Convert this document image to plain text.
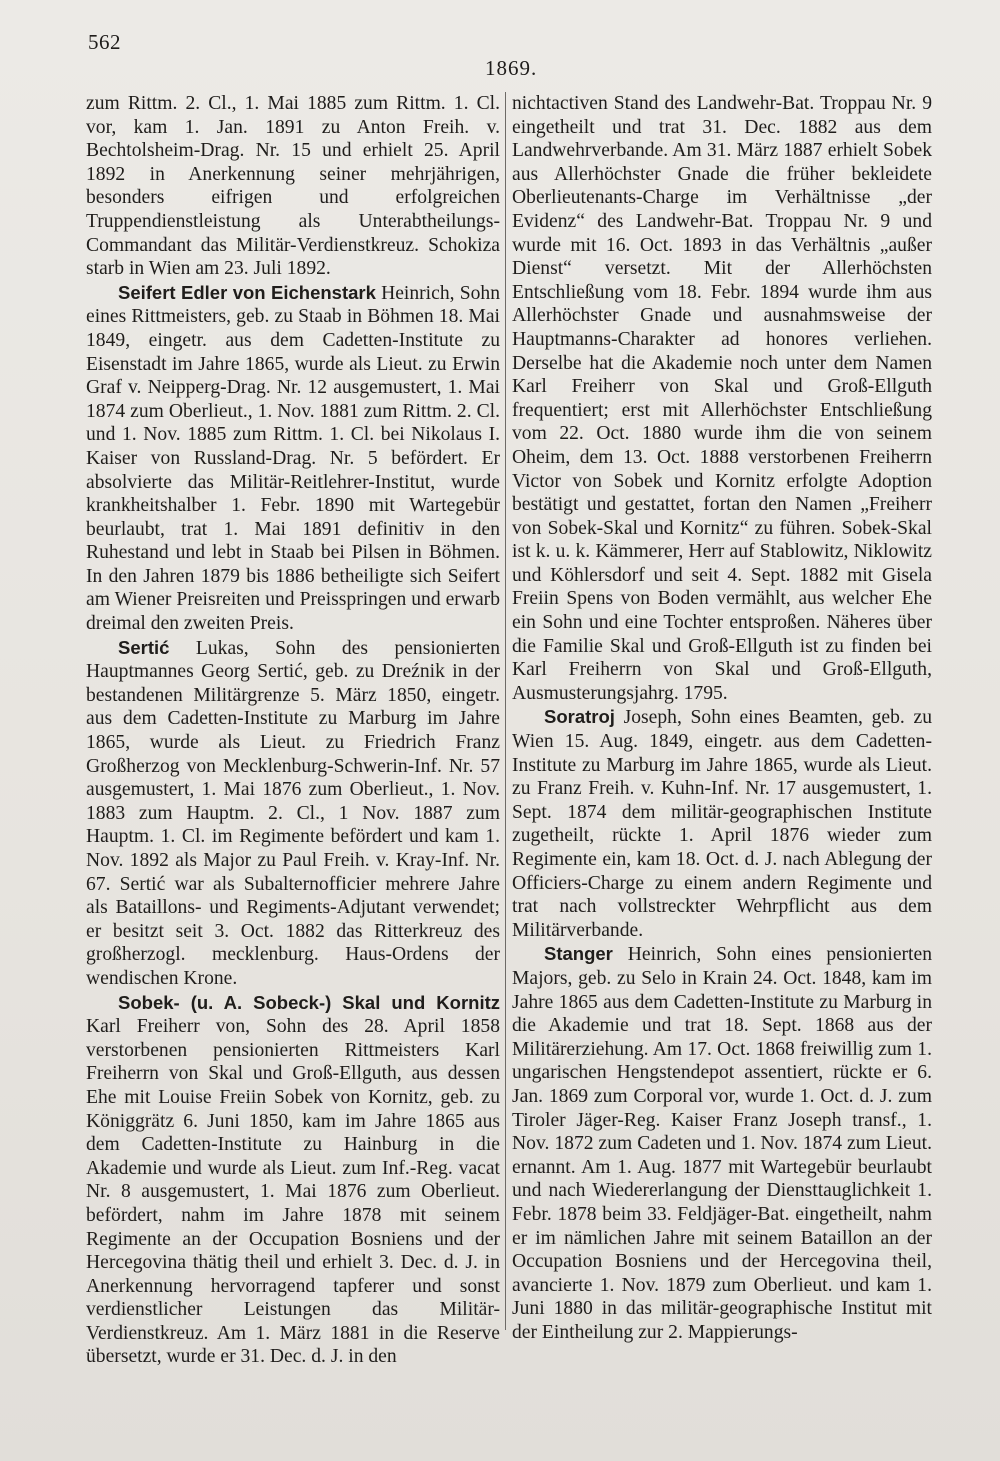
562
1869.

zum Rittm. 2. Cl., 1. Mai 1885 zum Rittm. 1. Cl. vor, kam 1. Jan. 1891 zu Anton Freih. v. Bechtolsheim-Drag. Nr. 15 und erhielt 25. April 1892 in Anerkennung seiner mehrjährigen, besonders eifrigen und erfolgreichen Truppendienstleistung als Unterabtheilungs-Commandant das Militär-Verdienstkreuz. Schokiza starb in Wien am 23. Juli 1892.

Seifert Edler von Eichenstark Heinrich, Sohn eines Rittmeisters, geb. zu Staab in Böhmen 18. Mai 1849, eingetr. aus dem Cadetten-Institute zu Eisenstadt im Jahre 1865, wurde als Lieut. zu Erwin Graf v. Neipperg-Drag. Nr. 12 ausgemustert, 1. Mai 1874 zum Oberlieut., 1. Nov. 1881 zum Rittm. 2. Cl. und 1. Nov. 1885 zum Rittm. 1. Cl. bei Nikolaus I. Kaiser von Russland-Drag. Nr. 5 befördert. Er absolvierte das Militär-Reitlehrer-Institut, wurde krankheitshalber 1. Febr. 1890 mit Wartegebür beurlaubt, trat 1. Mai 1891 definitiv in den Ruhestand und lebt in Staab bei Pilsen in Böhmen. In den Jahren 1879 bis 1886 betheiligte sich Seifert am Wiener Preisreiten und Preisspringen und erwarb dreimal den zweiten Preis.

Sertić Lukas, Sohn des pensionierten Hauptmannes Georg Sertić, geb. zu Dreźnik in der bestandenen Militärgrenze 5. März 1850, eingetr. aus dem Cadetten-Institute zu Marburg im Jahre 1865, wurde als Lieut. zu Friedrich Franz Großherzog von Mecklenburg-Schwerin-Inf. Nr. 57 ausgemustert, 1. Mai 1876 zum Oberlieut., 1. Nov. 1883 zum Hauptm. 2. Cl., 1 Nov. 1887 zum Hauptm. 1. Cl. im Regimente befördert und kam 1. Nov. 1892 als Major zu Paul Freih. v. Kray-Inf. Nr. 67. Sertić war als Subalternofficier mehrere Jahre als Bataillons- und Regiments-Adjutant verwendet; er besitzt seit 3. Oct. 1882 das Ritterkreuz des großherzogl. mecklenburg. Haus-Ordens der wendischen Krone.

Sobek- (u. A. Sobeck-) Skal und Kornitz Karl Freiherr von, Sohn des 28. April 1858 verstorbenen pensionierten Rittmeisters Karl Freiherrn von Skal und Groß-Ellguth, aus dessen Ehe mit Louise Freiin Sobek von Kornitz, geb. zu Königgrätz 6. Juni 1850, kam im Jahre 1865 aus dem Cadetten-Institute zu Hainburg in die Akademie und wurde als Lieut. zum Inf.-Reg. vacat Nr. 8 ausgemustert, 1. Mai 1876 zum Oberlieut. befördert, nahm im Jahre 1878 mit seinem Regimente an der Occupation Bosniens und der Hercegovina thätig theil und erhielt 3. Dec. d. J. in Anerkennung hervorragend tapferer und sonst verdienstlicher Leistungen das Militär-Verdienstkreuz. Am 1. März 1881 in die Reserve übersetzt, wurde er 31. Dec. d. J. in den

nichtactiven Stand des Landwehr-Bat. Troppau Nr. 9 eingetheilt und trat 31. Dec. 1882 aus dem Landwehrverbande. Am 31. März 1887 erhielt Sobek aus Allerhöchster Gnade die früher bekleidete Oberlieutenants-Charge im Verhältnisse „der Evidenz“ des Landwehr-Bat. Troppau Nr. 9 und wurde mit 16. Oct. 1893 in das Verhältnis „außer Dienst“ versetzt. Mit der Allerhöchsten Entschließung vom 18. Febr. 1894 wurde ihm aus Allerhöchster Gnade und ausnahmsweise der Hauptmanns-Charakter ad honores verliehen. Derselbe hat die Akademie noch unter dem Namen Karl Freiherr von Skal und Groß-Ellguth frequentiert; erst mit Allerhöchster Entschließung vom 22. Oct. 1880 wurde ihm die von seinem Oheim, dem 13. Oct. 1888 verstorbenen Freiherrn Victor von Sobek und Kornitz erfolgte Adoption bestätigt und gestattet, fortan den Namen „Freiherr von Sobek-Skal und Kornitz“ zu führen. Sobek-Skal ist k. u. k. Kämmerer, Herr auf Stablowitz, Niklowitz und Köhlersdorf und seit 4. Sept. 1882 mit Gisela Freiin Spens von Boden vermählt, aus welcher Ehe ein Sohn und eine Tochter entsproßen. Näheres über die Familie Skal und Groß-Ellguth ist zu finden bei Karl Freiherrn von Skal und Groß-Ellguth, Ausmusterungsjahrg. 1795.

Soratroj Joseph, Sohn eines Beamten, geb. zu Wien 15. Aug. 1849, eingetr. aus dem Cadetten-Institute zu Marburg im Jahre 1865, wurde als Lieut. zu Franz Freih. v. Kuhn-Inf. Nr. 17 ausgemustert, 1. Sept. 1874 dem militär-geographischen Institute zugetheilt, rückte 1. April 1876 wieder zum Regimente ein, kam 18. Oct. d. J. nach Ablegung der Officiers-Charge zu einem andern Regimente und trat nach vollstreckter Wehrpflicht aus dem Militärverbande.

Stanger Heinrich, Sohn eines pensionierten Majors, geb. zu Selo in Krain 24. Oct. 1848, kam im Jahre 1865 aus dem Cadetten-Institute zu Marburg in die Akademie und trat 18. Sept. 1868 aus der Militärerziehung. Am 17. Oct. 1868 freiwillig zum 1. ungarischen Hengstendepot assentiert, rückte er 6. Jan. 1869 zum Corporal vor, wurde 1. Oct. d. J. zum Tiroler Jäger-Reg. Kaiser Franz Joseph transf., 1. Nov. 1872 zum Cadeten und 1. Nov. 1874 zum Lieut. ernannt. Am 1. Aug. 1877 mit Wartegebür beurlaubt und nach Wiedererlangung der Diensttauglichkeit 1. Febr. 1878 beim 33. Feldjäger-Bat. eingetheilt, nahm er im nämlichen Jahre mit seinem Bataillon an der Occupation Bosniens und der Hercegovina theil, avancierte 1. Nov. 1879 zum Oberlieut. und kam 1. Juni 1880 in das militär-geographische Institut mit der Eintheilung zur 2. Mappierungs-
